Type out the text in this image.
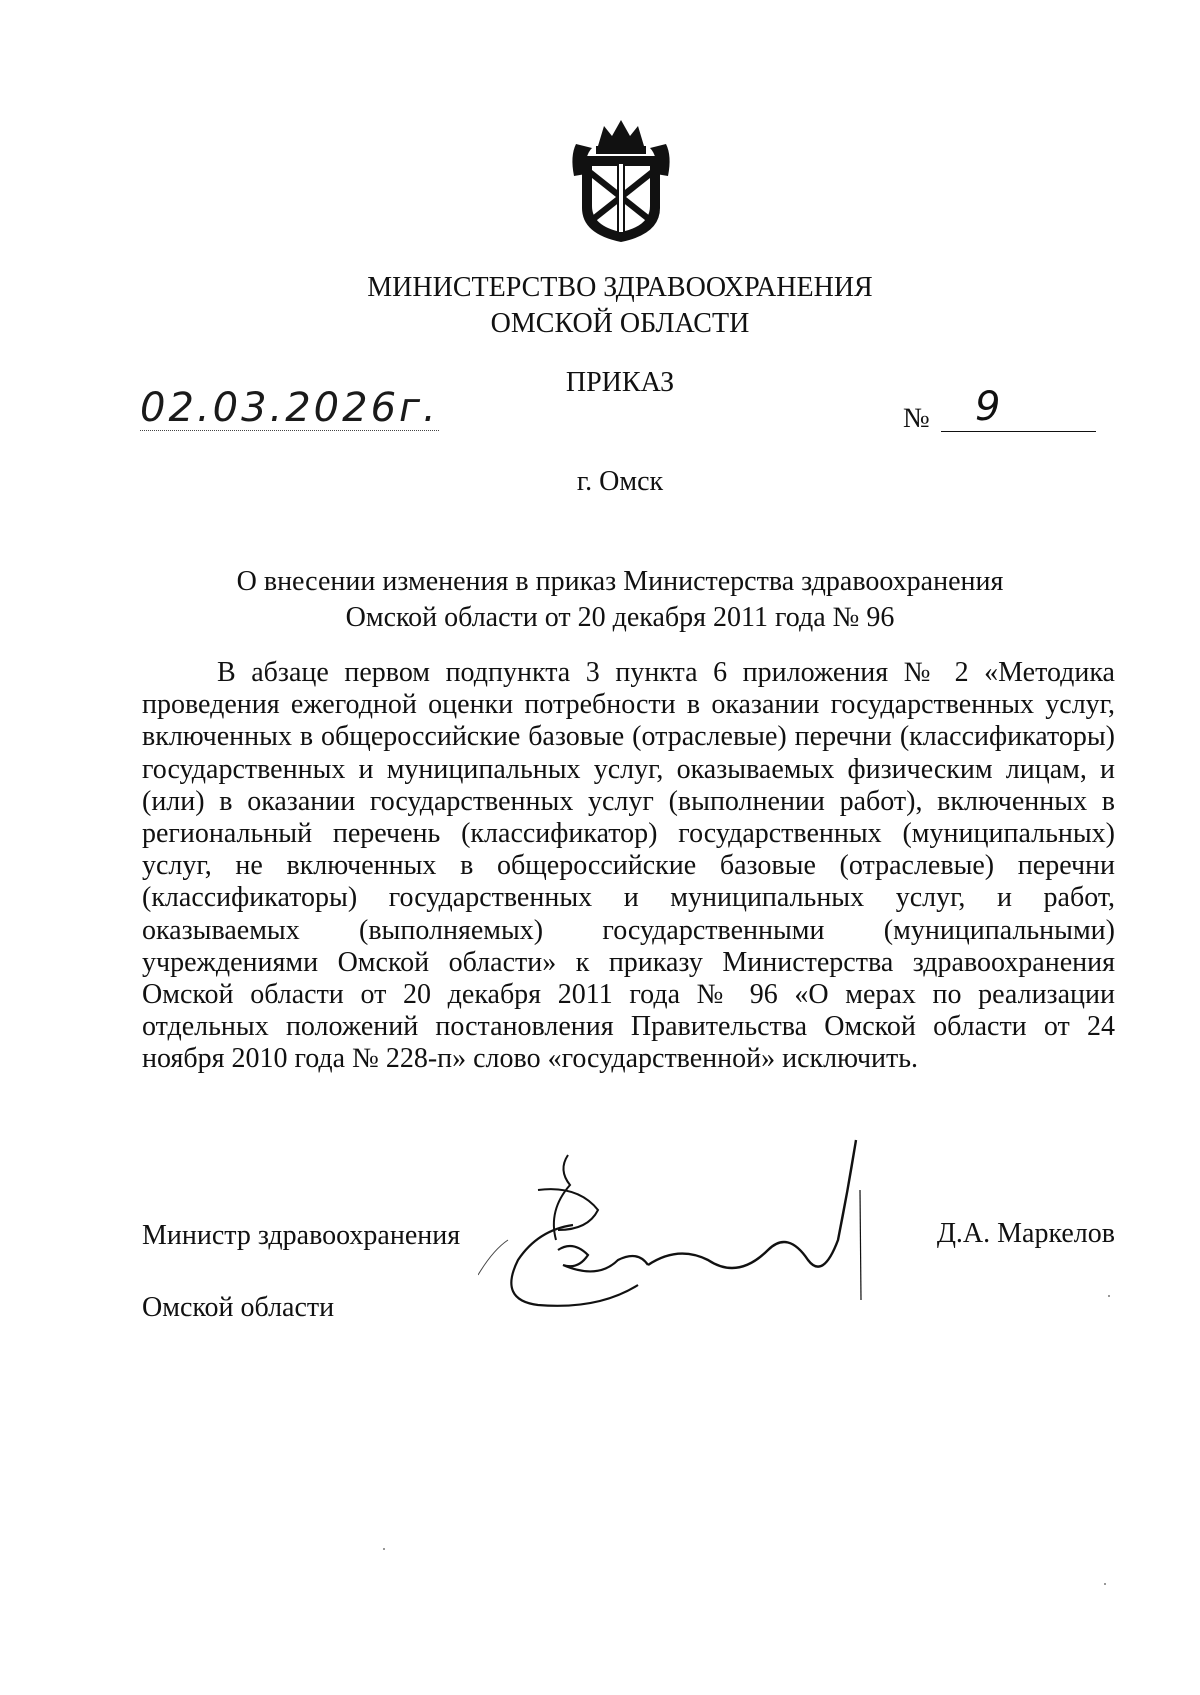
МИНИСТЕРСТВО ЗДРАВООХРАНЕНИЯ
ОМСКОЙ ОБЛАСТИ
ПРИКАЗ
02.03.2026г.	№ 9
г. Омск
О внесении изменения в приказ Министерства здравоохранения
Омской области от 20 декабря 2011 года № 96
В абзаце первом подпункта 3 пункта 6 приложения № 2 «Методика проведения ежегодной оценки потребности в оказании государственных услуг, включенных в общероссийские базовые (отраслевые) перечни (классификаторы) государственных и муниципальных услуг, оказываемых физическим лицам, и (или) в оказании государственных услуг (выполнении работ), включенных в региональный перечень (классификатор) государственных (муниципальных) услуг, не включенных в общероссийские базовые (отраслевые) перечни (классификаторы) государственных и муниципальных услуг, и работ, оказываемых (выполняемых) государственными (муниципальными) учреждениями Омской области» к приказу Министерства здравоохранения Омской области от 20 декабря 2011 года № 96 «О мерах по реализации отдельных положений постановления Правительства Омской области от 24 ноября 2010 года № 228-п» слово «государственной» исключить.

Министр здравоохранения

Омской области

Д.А. Маркелов
